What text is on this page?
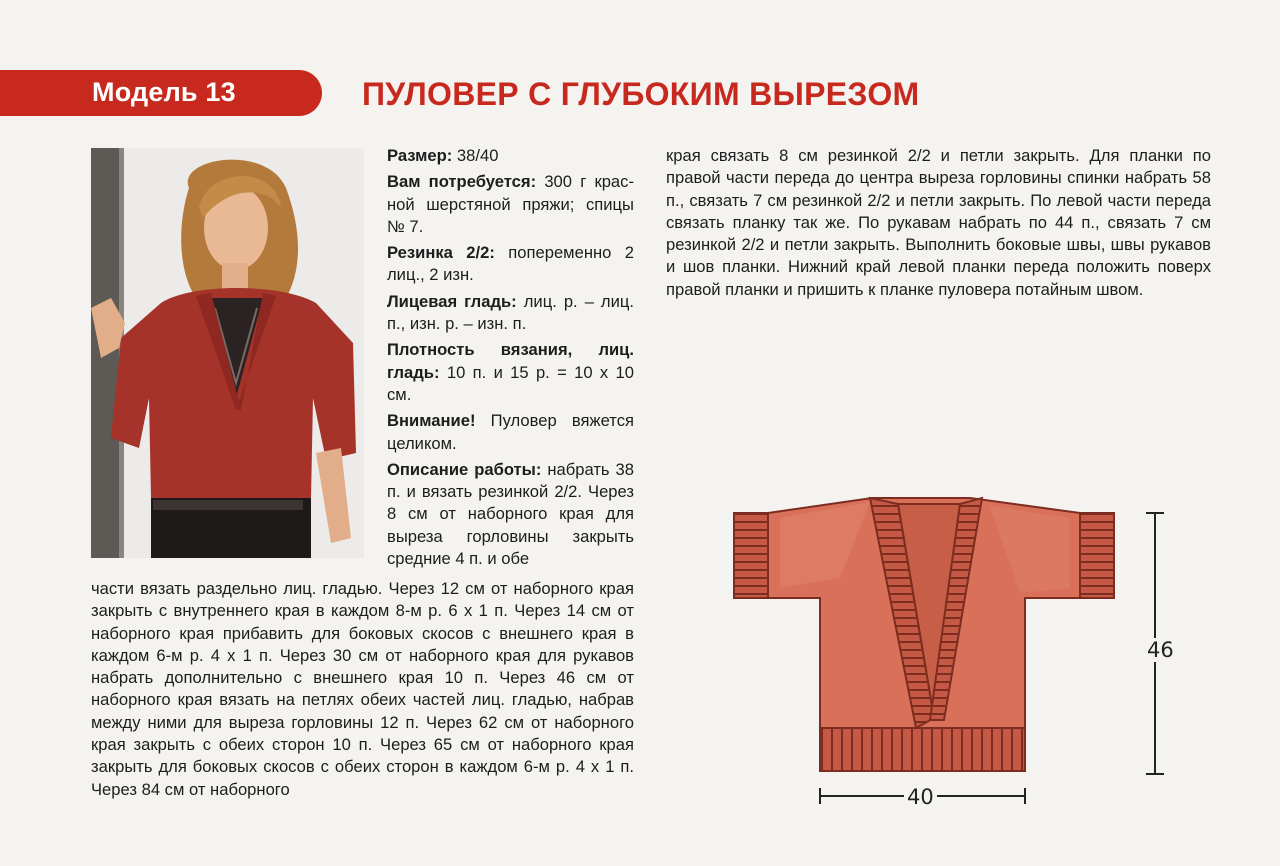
Модель 13	ПУЛОВЕР С ГЛУБОКИМ ВЫРЕЗОМ

Размер: 38/40

Вам потребуется: 300 г красной шерстяной пряжи; спицы № 7.

Резинка 2/2: попеременно 2 лиц., 2 изн.

Лицевая гладь: лиц. р. – лиц. п., изн. р. – изн. п.

Плотность вязания, лиц. гладь: 10 п. и 15 р. = 10 х 10 см.

Внимание! Пуловер вяжется целиком.

Описание работы: набрать 38 п. и вязать резинкой 2/2. Через 8 см от наборного края для выреза горловины закрыть средние 4 п. и обе

части вязать раздельно лиц. гладью. Через 12 см от наборного края закрыть с внутреннего края в каждом 8-м р. 6 х 1 п. Через 14 см от наборного края прибавить для боковых скосов с внешнего края в каждом 6-м р. 4 х 1 п. Через 30 см от наборного края для рукавов набрать дополнительно с внешнего края 10 п. Через 46 см от наборного края вязать на петлях обеих частей лиц. гладью, набрав между ними для выреза горловины 12 п. Через 62 см от наборного края закрыть с обеих сторон 10 п. Через 65 см от наборного края закрыть для боковых скосов с обеих сторон в каждом 6-м р. 4 х 1 п. Через 84 см от наборного

края связать 8 см резинкой 2/2 и петли закрыть. Для планки по правой части переда до центра выреза горловины спинки набрать 58 п., связать 7 см резинкой 2/2 и петли закрыть. По левой части переда связать планку так же. По рукавам набрать по 44 п., связать 7 см резинкой 2/2 и петли закрыть. Выполнить боковые швы, швы рукавов и шов планки. Нижний край левой планки переда положить поверх правой планки и пришить к планке пуловера потайным швом.

46
40
